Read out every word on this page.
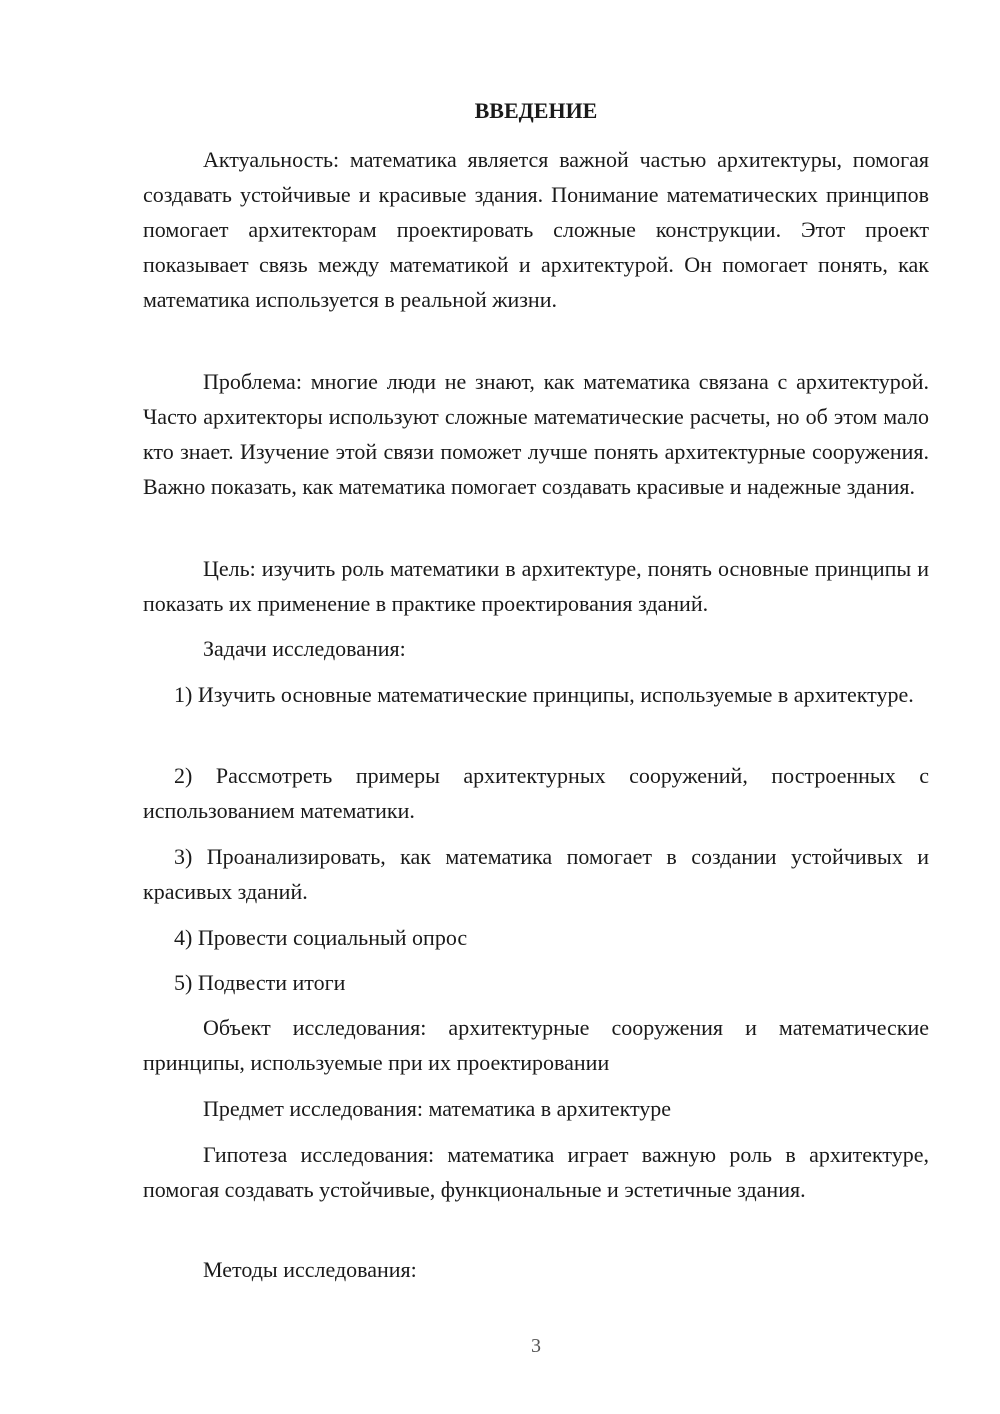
ВВЕДЕНИЕ

Актуальность: математика является важной частью архитектуры, помогая создавать устойчивые и красивые здания. Понимание математических принципов помогает архитекторам проектировать сложные конструкции. Этот проект показывает связь между математикой и архитектурой. Он помогает понять, как математика используется в реальной жизни.

Проблема: многие люди не знают, как математика связана с архитектурой. Часто архитекторы используют сложные математические расчеты, но об этом мало кто знает. Изучение этой связи поможет лучше понять архитектурные сооружения. Важно показать, как математика помогает создавать красивые и надежные здания.

Цель: изучить роль математики в архитектуре, понять основные принципы и показать их применение в практике проектирования зданий.

Задачи исследования:

1) Изучить основные математические принципы, используемые в архитектуре.

2) Рассмотреть примеры архитектурных сооружений, построенных с использованием математики.

3) Проанализировать, как математика помогает в создании устойчивых и красивых зданий.

4) Провести социальный опрос

5) Подвести итоги

Объект исследования: архитектурные сооружения и математические принципы, используемые при их проектировании

Предмет исследования: математика в архитектуре

Гипотеза исследования: математика играет важную роль в архитектуре, помогая создавать устойчивые, функциональные и эстетичные здания.

Методы исследования:

3
